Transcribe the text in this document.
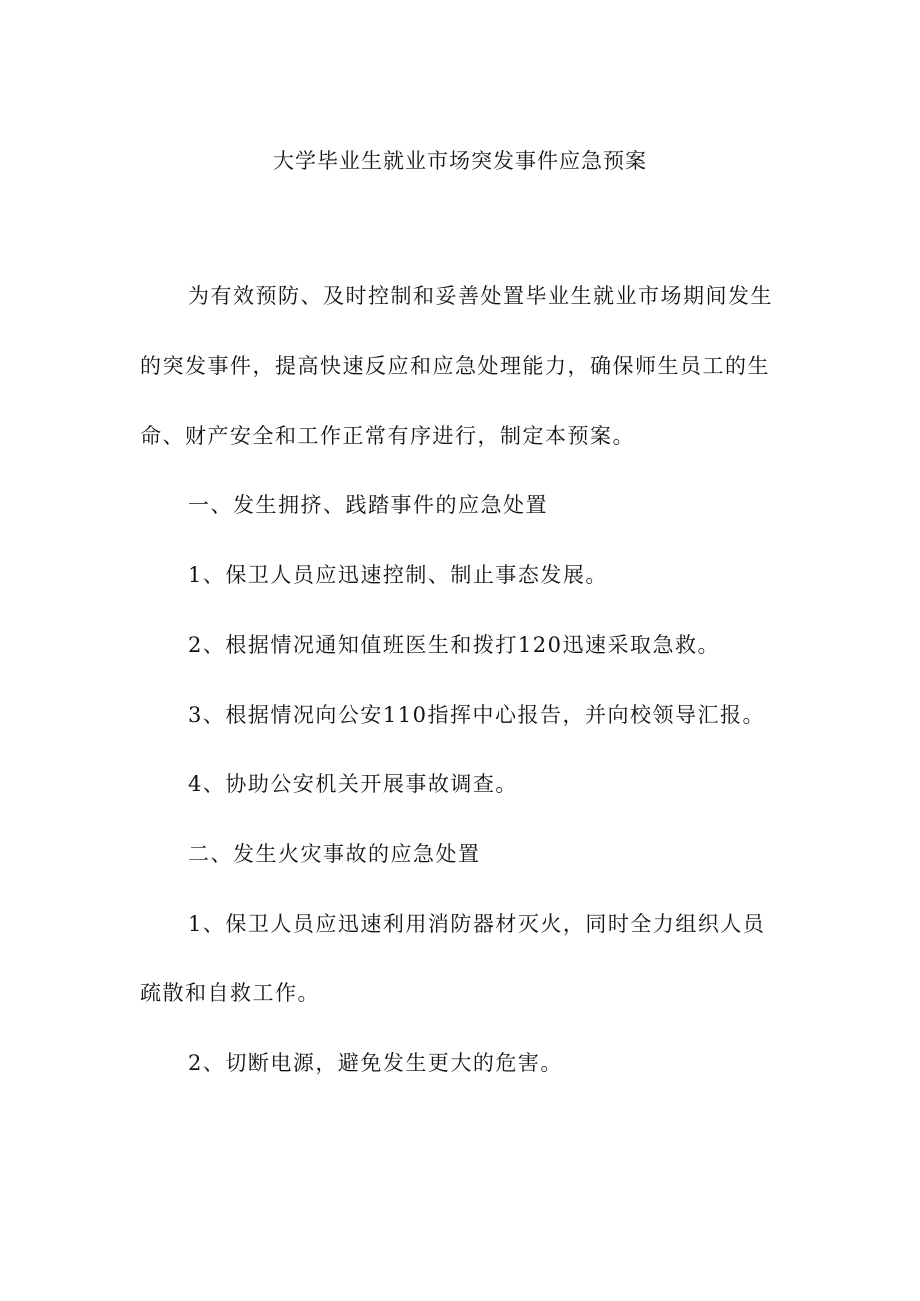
大学毕业生就业市场突发事件应急预案
为有效预防、及时控制和妥善处置毕业生就业市场期间发生
的突发事件，提高快速反应和应急处理能力，确保师生员工的生
命、财产安全和工作正常有序进行，制定本预案。
一、发生拥挤、践踏事件的应急处置
1、保卫人员应迅速控制、制止事态发展。
2、根据情况通知值班医生和拨打120迅速采取急救。
3、根据情况向公安110指挥中心报告，并向校领导汇报。
4、协助公安机关开展事故调查。
二、发生火灾事故的应急处置
1、保卫人员应迅速利用消防器材灭火，同时全力组织人员
疏散和自救工作。
2、切断电源，避免发生更大的危害。
